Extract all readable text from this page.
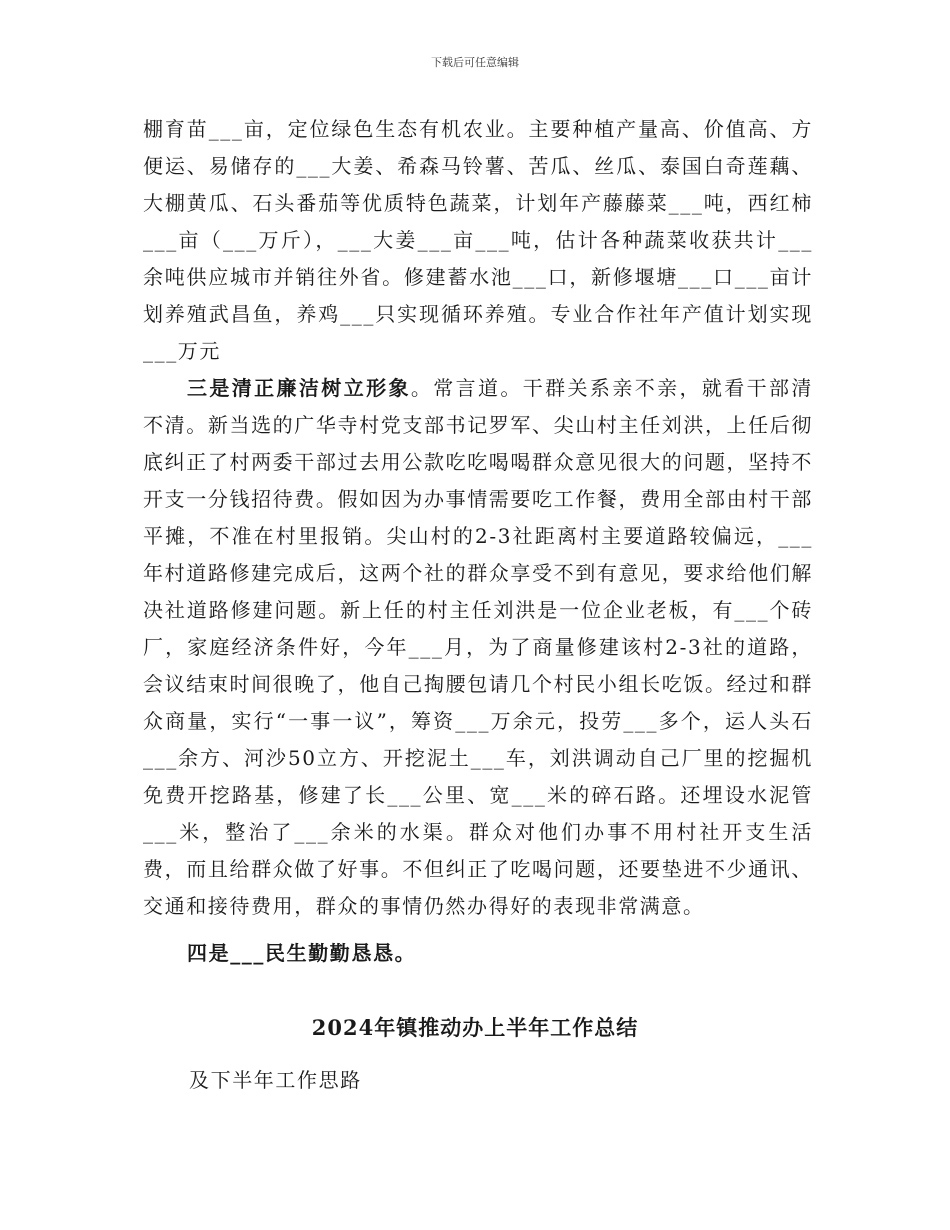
下载后可任意编辑

棚育苗___亩，定位绿色生态有机农业。主要种植产量高、价值高、方便运、易储存的___大姜、希森马铃薯、苦瓜、丝瓜、泰国白奇莲藕、大棚黄瓜、石头番茄等优质特色蔬菜，计划年产藤藤菜___吨，西红柿___亩（___万斤），___大姜___亩___吨，估计各种蔬菜收获共计___余吨供应城市并销往外省。修建蓄水池___口，新修堰塘___口___亩计划养殖武昌鱼，养鸡___只实现循环养殖。专业合作社年产值计划实现___万元

三是清正廉洁树立形象。常言道。干群关系亲不亲，就看干部清不清。新当选的广华寺村党支部书记罗军、尖山村主任刘洪，上任后彻底纠正了村两委干部过去用公款吃吃喝喝群众意见很大的问题，坚持不开支一分钱招待费。假如因为办事情需要吃工作餐，费用全部由村干部平摊，不准在村里报销。尖山村的2-3社距离村主要道路较偏远，___年村道路修建完成后，这两个社的群众享受不到有意见，要求给他们解决社道路修建问题。新上任的村主任刘洪是一位企业老板，有___个砖厂，家庭经济条件好，今年___月，为了商量修建该村2-3社的道路，会议结束时间很晚了，他自己掏腰包请几个村民小组长吃饭。经过和群众商量，实行“一事一议”，筹资___万余元，投劳___多个，运人头石___余方、河沙50立方、开挖泥土___车，刘洪调动自己厂里的挖掘机免费开挖路基，修建了长___公里、宽___米的碎石路。还埋设水泥管___米，整治了___余米的水渠。群众对他们办事不用村社开支生活费，而且给群众做了好事。不但纠正了吃喝问题，还要垫进不少通讯、交通和接待费用，群众的事情仍然办得好的表现非常满意。

四是___民生勤勤恳恳。

2024年镇推动办上半年工作总结
及下半年工作思路
